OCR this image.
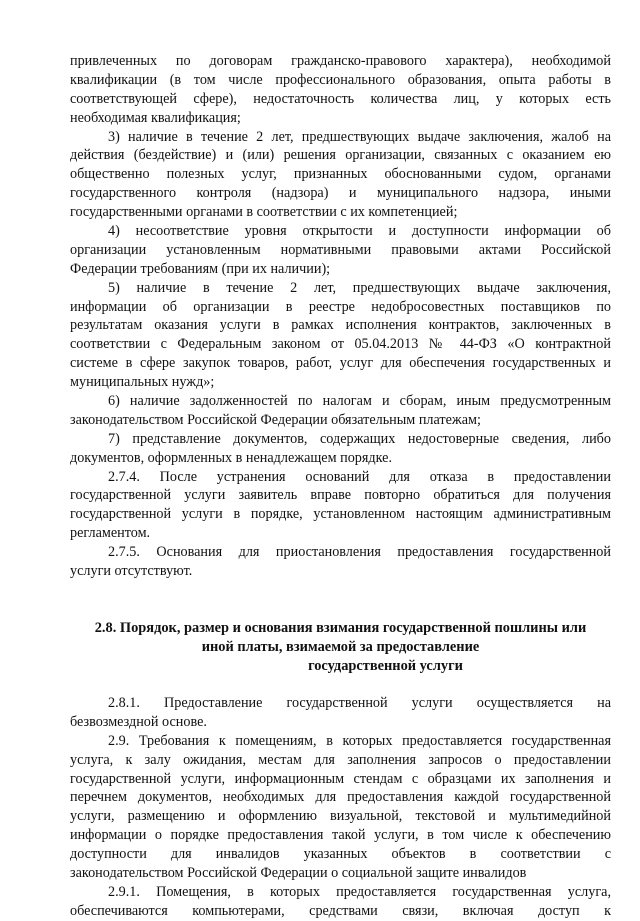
привлеченных по договорам гражданско-правового характера), необходимой
квалификации (в том числе профессионального образования, опыта работы в
соответствующей сфере), недостаточность количества лиц, у которых есть
необходимая квалификация;
3) наличие в течение 2 лет, предшествующих выдаче заключения, жалоб на
действия (бездействие) и (или) решения организации, связанных с оказанием ею
общественно полезных услуг, признанных обоснованными судом, органами
государственного контроля (надзора) и муниципального надзора, иными
государственными органами в соответствии с их компетенцией;
4) несоответствие уровня открытости и доступности информации об
организации установленным нормативными правовыми актами Российской
Федерации требованиям (при их наличии);
5) наличие в течение 2 лет, предшествующих выдаче заключения,
информации об организации в реестре недобросовестных поставщиков по
результатам оказания услуги в рамках исполнения контрактов, заключенных в
соответствии с Федеральным законом от 05.04.2013 № 44-ФЗ «О контрактной
системе в сфере закупок товаров, работ, услуг для обеспечения государственных и
муниципальных нужд»;
6) наличие задолженностей по налогам и сборам, иным предусмотренным
законодательством Российской Федерации обязательным платежам;
7) представление документов, содержащих недостоверные сведения, либо
документов, оформленных в ненадлежащем порядке.
2.7.4. После устранения оснований для отказа в предоставлении
государственной услуги заявитель вправе повторно обратиться для получения
государственной услуги в порядке, установленном настоящим административным
регламентом.
2.7.5. Основания для приостановления предоставления государственной
услуги отсутствуют.
2.8. Порядок, размер и основания взимания государственной пошлины или
иной платы, взимаемой за предоставление
государственной услуги
2.8.1. Предоставление государственной услуги осуществляется на
безвозмездной основе.
2.9. Требования к помещениям, в которых предоставляется государственная
услуга, к залу ожидания, местам для заполнения запросов о предоставлении
государственной услуги, информационным стендам с образцами их заполнения и
перечнем документов, необходимых для предоставления каждой государственной
услуги, размещению и оформлению визуальной, текстовой и мультимедийной
информации о порядке предоставления такой услуги, в том числе к обеспечению
доступности для инвалидов указанных объектов в соответствии с
законодательством Российской Федерации о социальной защите инвалидов
2.9.1. Помещения, в которых предоставляется государственная услуга,
обеспечиваются компьютерами, средствами связи, включая доступ к
